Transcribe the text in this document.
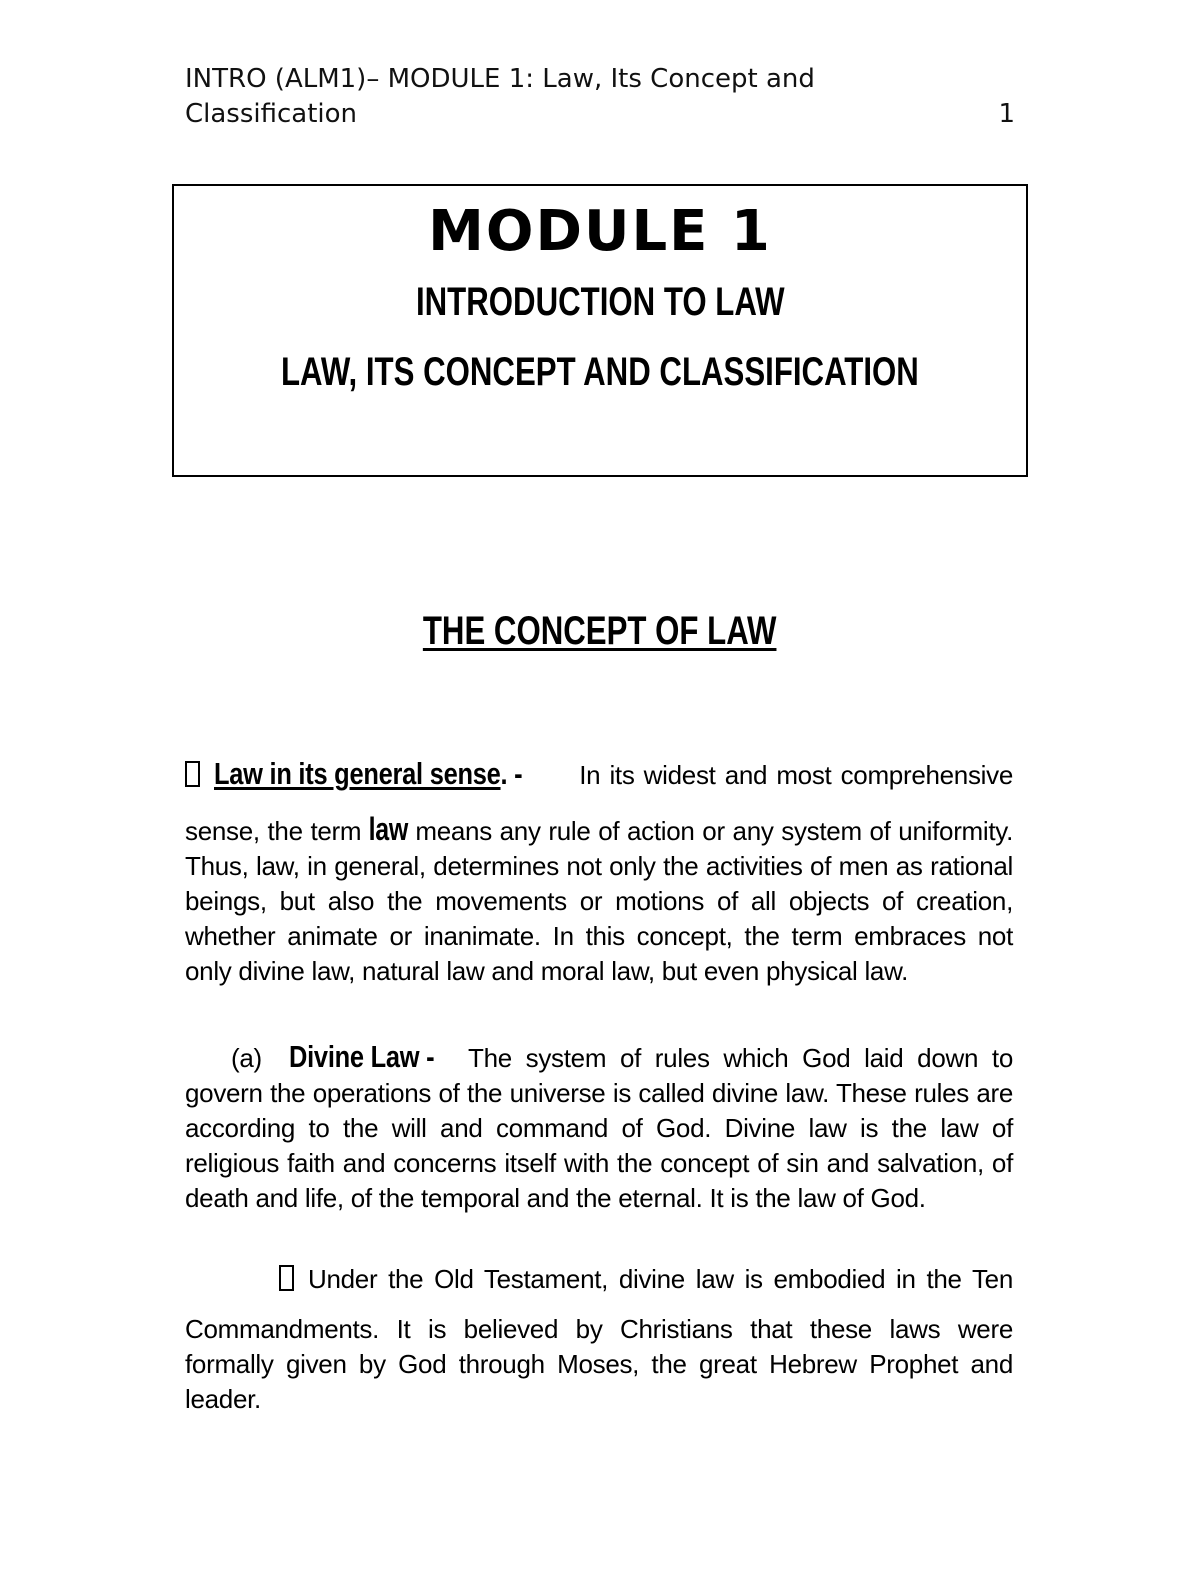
INTRO (ALM1)– MODULE 1: Law, Its Concept and
Classification	1
MODULE 1
INTRODUCTION TO LAW
LAW, ITS CONCEPT AND CLASSIFICATION
THE CONCEPT OF LAW
Law in its general sense. - In its widest and most comprehensive
sense, the term law means any rule of action or any system of uniformity. Thus, law, in general, determines not only the activities of men as rational beings, but also the movements or motions of all objects of creation, whether animate or inanimate. In this concept, the term embraces not only divine law, natural law and moral law, but even physical law.
(a) Divine Law - The system of rules which God laid down to govern the operations of the universe is called divine law. These rules are according to the will and command of God. Divine law is the law of religious faith and concerns itself with the concept of sin and salvation, of death and life, of the temporal and the eternal. It is the law of God.
Under the Old Testament, divine law is embodied in the Ten
Commandments. It is believed by Christians that these laws were formally given by God through Moses, the great Hebrew Prophet and leader.
